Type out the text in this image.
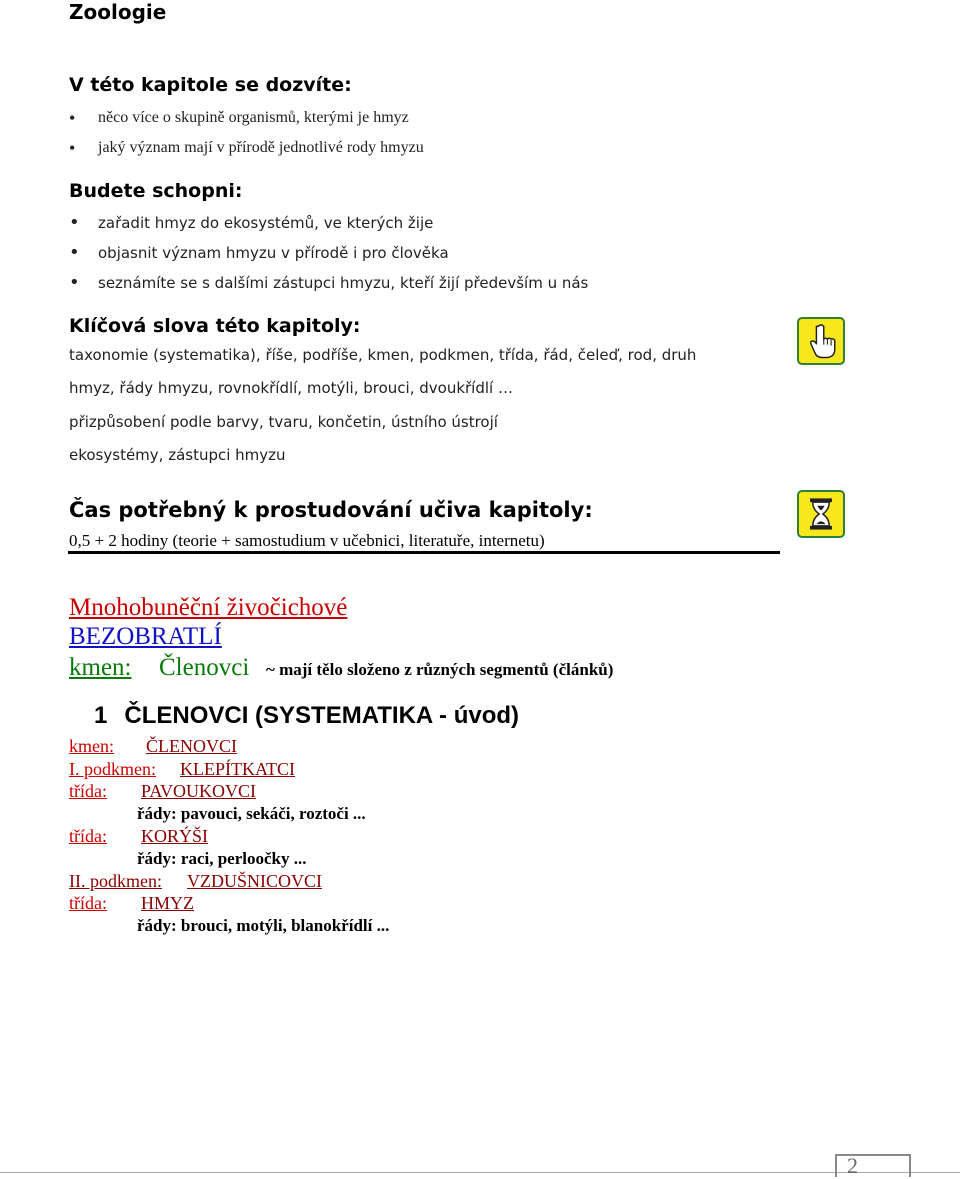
Zoologie
V této kapitole se dozvíte:
• něco více o skupině organismů, kterými je hmyz
• jaký význam mají v přírodě jednotlivé rody hmyzu
Budete schopni:
• zařadit hmyz do ekosystémů, ve kterých žije
• objasnit význam hmyzu v přírodě i pro člověka
• seznámíte se s dalšími zástupci hmyzu, kteří žijí především u nás
Klíčová slova této kapitoly:
taxonomie (systematika), říše, podříše, kmen, podkmen, třída, řád, čeleď, rod, druh
hmyz, řády hmyzu, rovnokřídlí, motýli, brouci, dvoukřídlí …
přizpůsobení podle barvy, tvaru, končetin, ústního ústrojí
ekosystémy, zástupci hmyzu
Čas potřebný k prostudování učiva kapitoly:
0,5 + 2 hodiny (teorie + samostudium v učebnici, literatuře, internetu)
Mnohobuněční živočichové
BEZOBRATLÍ
kmen: Členovci ~ mají tělo složeno z různých segmentů (článků)
1 ČLENOVCI (SYSTEMATIKA - úvod)
kmen: ČLENOVCI
I. podkmen: KLEPÍTKATCI
třída: PAVOUKOVCI
řády: pavouci, sekáči, roztoči ...
třída: KORÝŠI
řády: raci, perloočky ...
II. podkmen: VZDUŠNICOVCI
třída: HMYZ
řády: brouci, motýli, blanokřídlí ...
2
